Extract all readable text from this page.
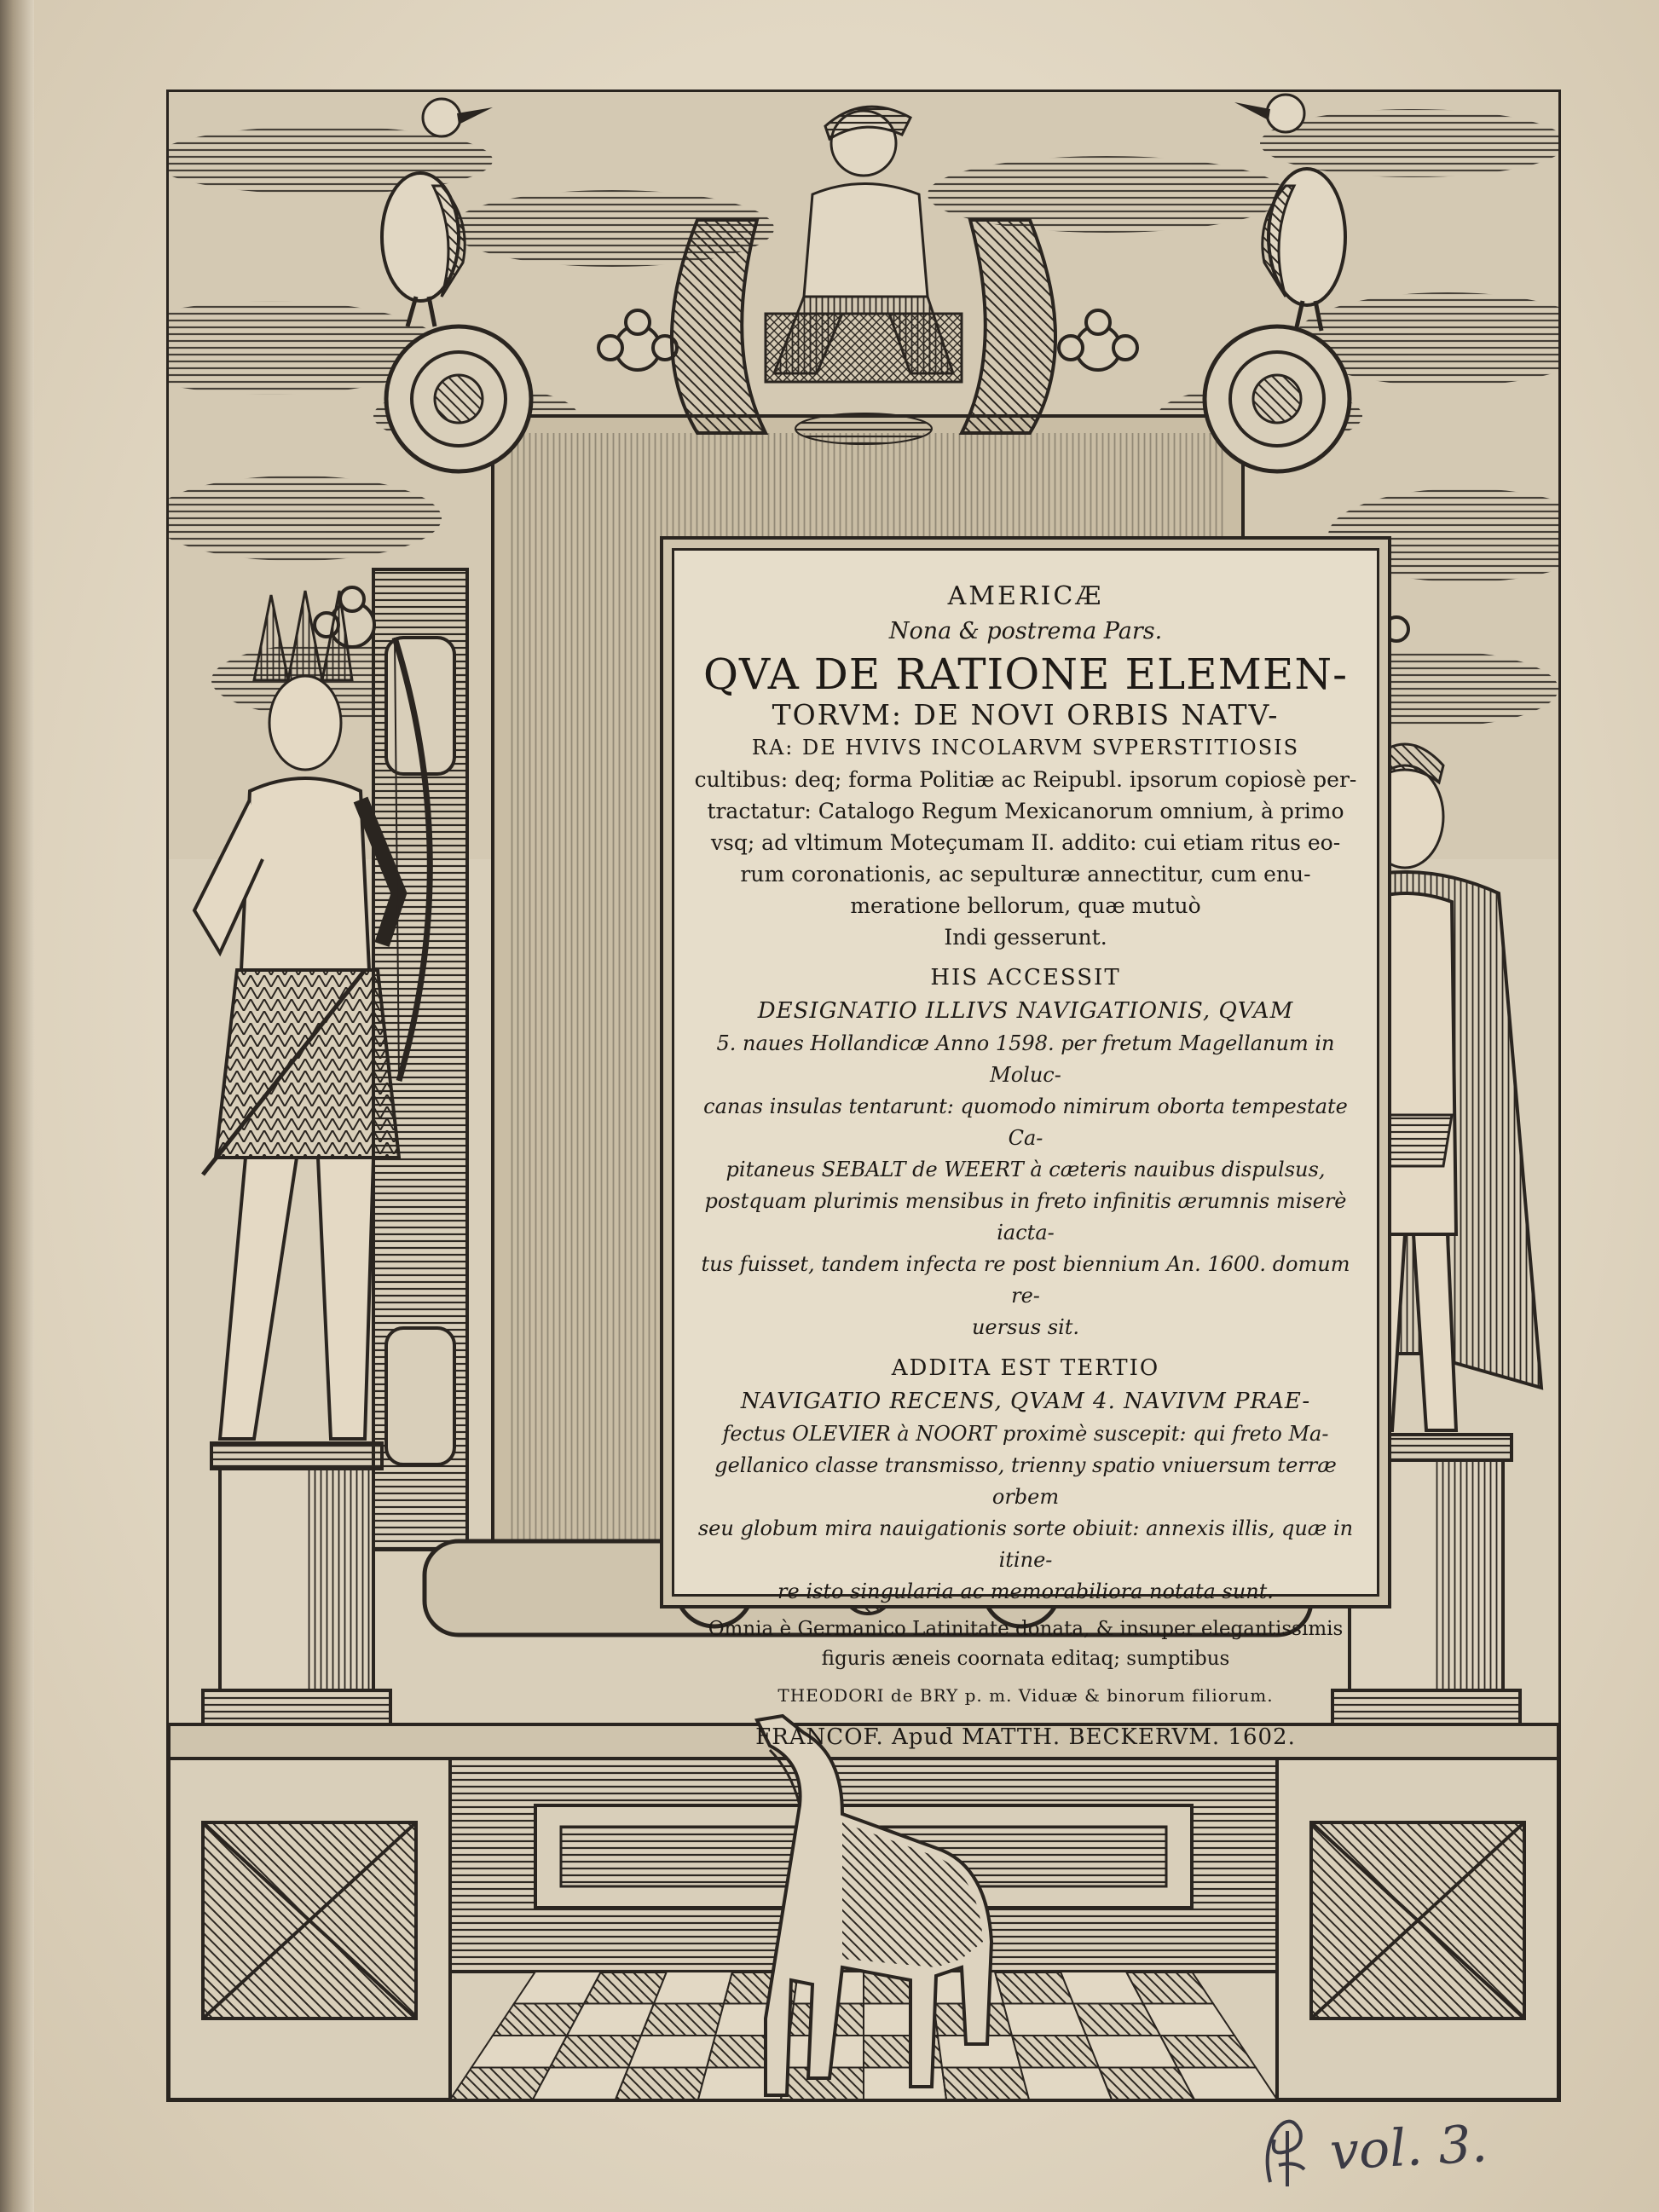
AMERICÆ
Nona & postrema Pars.
QVA DE RATIONE ELEMEN-
TORVM: DE NOVI ORBIS NATV-
RA: DE HVIVS INCOLARVM SVPERSTITIOSIS
cultibus: deq; forma Politiæ ac Reipubl. ipsorum copiosè per-
tractatur: Catalogo Regum Mexicanorum omnium, à primo
vsq; ad vltimum Moteçumam II. addito: cui etiam ritus eo-
rum coronationis, ac sepulturæ annectitur, cum enu-
meratione bellorum, quæ mutuò
Indi gesserunt.
HIS ACCESSIT
DESIGNATIO ILLIVS NAVIGATIONIS, QVAM
5. naues Hollandicæ Anno 1598. per fretum Magellanum in Moluc-
canas insulas tentarunt: quomodo nimirum oborta tempestate Ca-
pitaneus SEBALT de WEERT à cæteris nauibus dispulsus,
postquam plurimis mensibus in freto infinitis ærumnis miserè iacta-
tus fuisset, tandem infecta re post biennium An. 1600. domum re-
uersus sit.
ADDITA EST TERTIO
NAVIGATIO RECENS, QVAM 4. NAVIVM PRAE-
fectus OLEVIER à NOORT proximè suscepit: qui freto Ma-
gellanico classe transmisso, trienny spatio vniuersum terræ orbem
seu globum mira nauigationis sorte obiuit: annexis illis, quæ in itine-
re isto singularia ac memorabiliora notata sunt.
Omnia è Germanico Latinitate donata, & insuper elegantissimis
figuris æneis coornata editaq; sumptibus
THEODORI de BRY p. m. Viduæ & binorum filiorum.
FRANCOF. Apud MATTH. BECKERVM. 1602.
vol. 3.
